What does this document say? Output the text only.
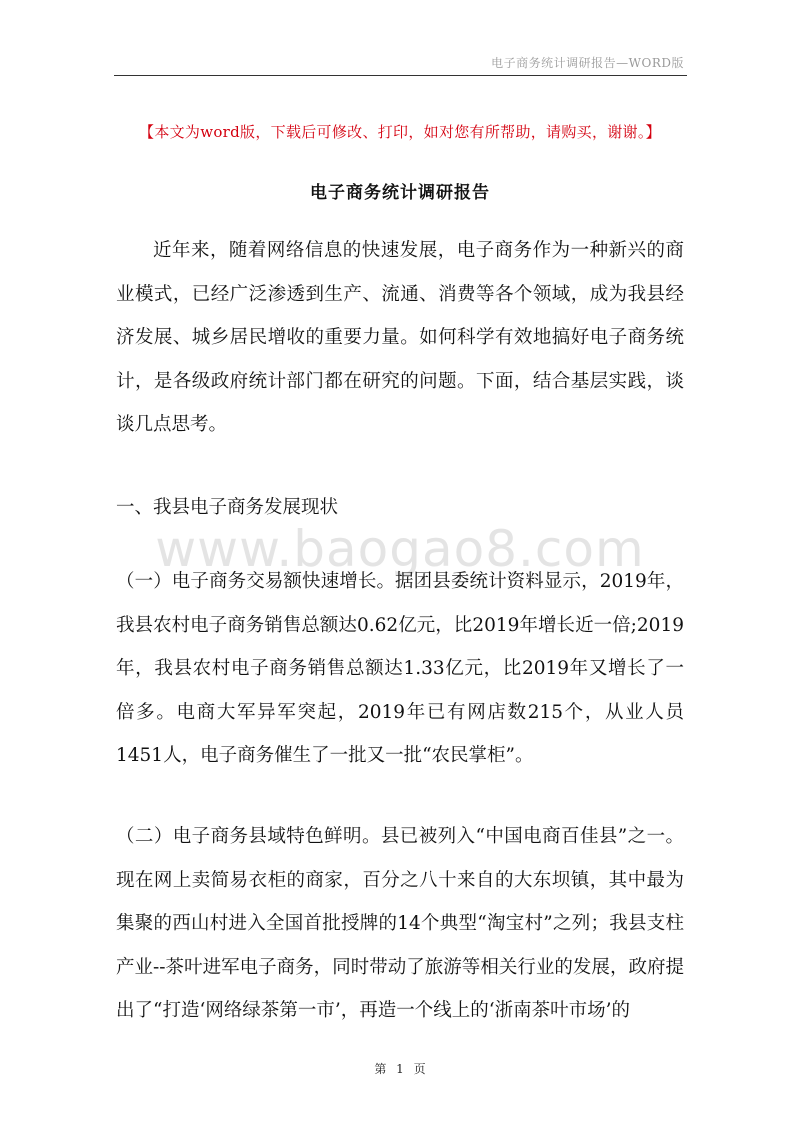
电子商务统计调研报告—WORD版
【本文为word版，下载后可修改、打印，如对您有所帮助，请购买，谢谢。】
电子商务统计调研报告

近年来，随着网络信息的快速发展，电子商务作为一种新兴的商业模式，已经广泛渗透到生产、流通、消费等各个领域，成为我县经济发展、城乡居民增收的重要力量。如何科学有效地搞好电子商务统计，是各级政府统计部门都在研究的问题。下面，结合基层实践，谈谈几点思考。

一、我县电子商务发展现状

www.baogao8.com

（一）电子商务交易额快速增长。据团县委统计资料显示，2019年，我县农村电子商务销售总额达0.62亿元，比2019年增长近一倍;2019年，我县农村电子商务销售总额达1.33亿元，比2019年又增长了一倍多。电商大军异军突起，2019年已有网店数215个，从业人员1451人，电子商务催生了一批又一批“农民掌柜”。

（二）电子商务县域特色鲜明。县已被列入“中国电商百佳县”之一。现在网上卖简易衣柜的商家，百分之八十来自的大东坝镇，其中最为集聚的西山村进入全国首批授牌的14个典型“淘宝村”之列；我县支柱产业--茶叶进军电子商务，同时带动了旅游等相关行业的发展，政府提出了“打造‘网络绿茶第一市’，再造一个线上的‘浙南茶叶市场’的

第 1 页
